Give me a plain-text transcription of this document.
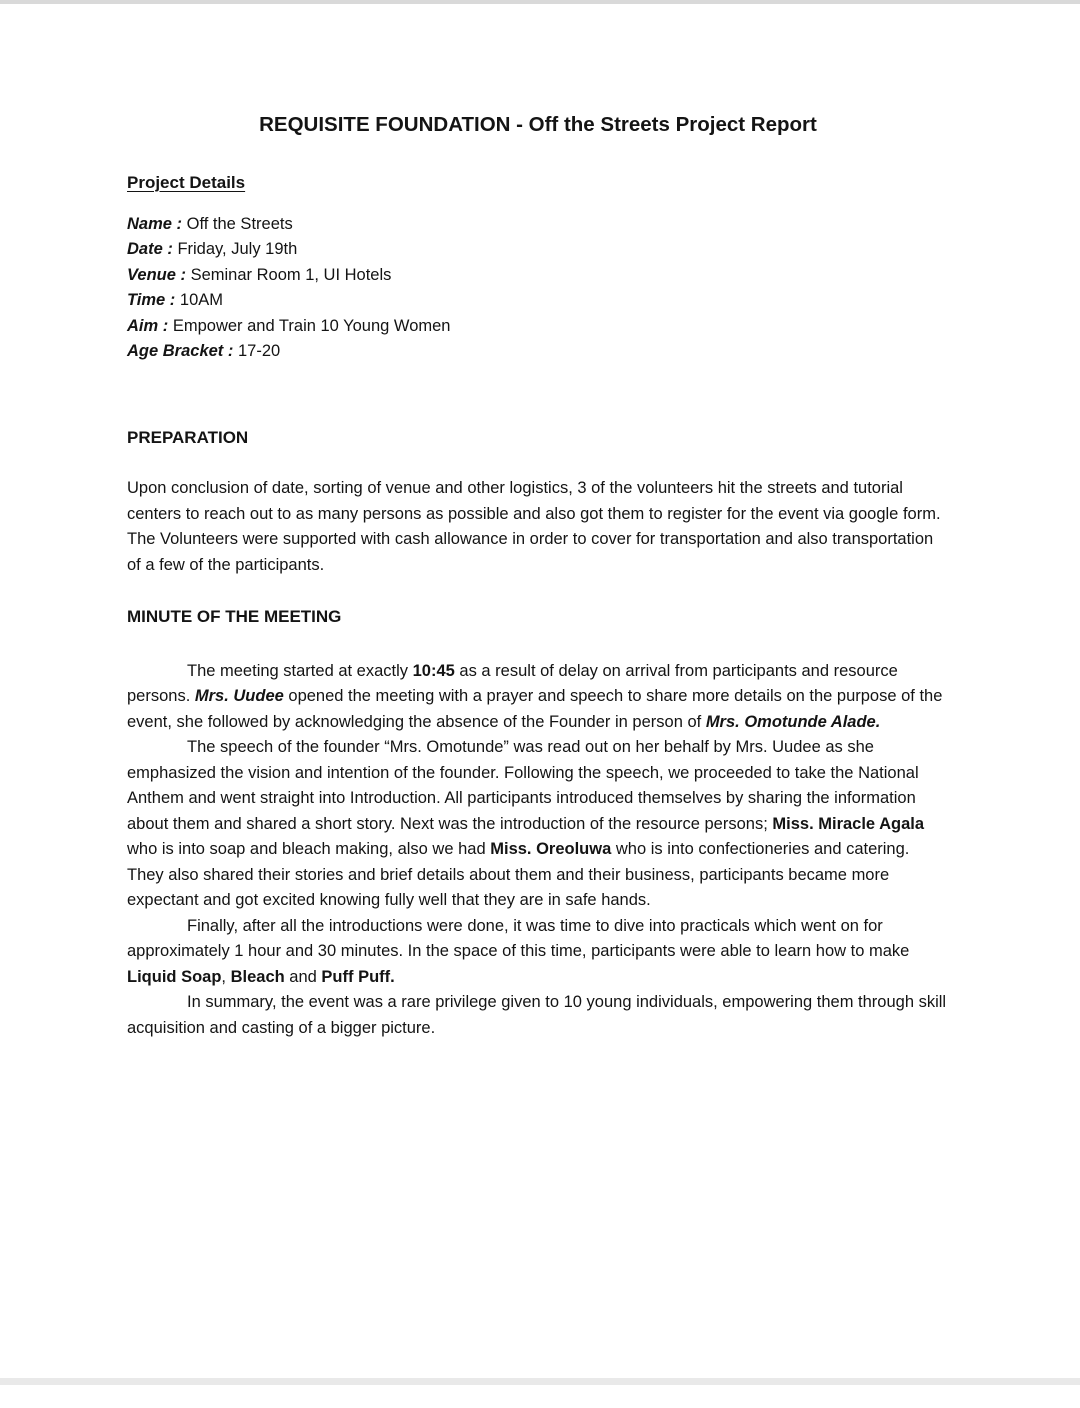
REQUISITE FOUNDATION - Off the Streets Project Report
Project Details
Name : Off the Streets
Date : Friday, July 19th
Venue : Seminar Room 1, UI Hotels
Time : 10AM
Aim : Empower and Train 10 Young Women
Age Bracket : 17-20
PREPARATION

Upon conclusion of date, sorting of venue and other logistics, 3 of the volunteers hit the streets and tutorial centers to reach out to as many persons as possible and also got them to register for the event via google form. The Volunteers were supported with cash allowance in order to cover for transportation and also transportation of a few of the participants.

MINUTE OF THE MEETING

The meeting started at exactly 10:45 as a result of delay on arrival from participants and resource persons. Mrs. Uudee opened the meeting with a prayer and speech to share more details on the purpose of the event, she followed by acknowledging the absence of the Founder in person of Mrs. Omotunde Alade.

The speech of the founder “Mrs. Omotunde” was read out on her behalf by Mrs. Uudee as she emphasized the vision and intention of the founder. Following the speech, we proceeded to take the National Anthem and went straight into Introduction. All participants introduced themselves by sharing the information about them and shared a short story. Next was the introduction of the resource persons; Miss. Miracle Agala who is into soap and bleach making, also we had Miss. Oreoluwa who is into confectioneries and catering. They also shared their stories and brief details about them and their business, participants became more expectant and got excited knowing fully well that they are in safe hands.

Finally, after all the introductions were done, it was time to dive into practicals which went on for approximately 1 hour and 30 minutes. In the space of this time, participants were able to learn how to make Liquid Soap, Bleach and Puff Puff.

In summary, the event was a rare privilege given to 10 young individuals, empowering them through skill acquisition and casting of a bigger picture.
